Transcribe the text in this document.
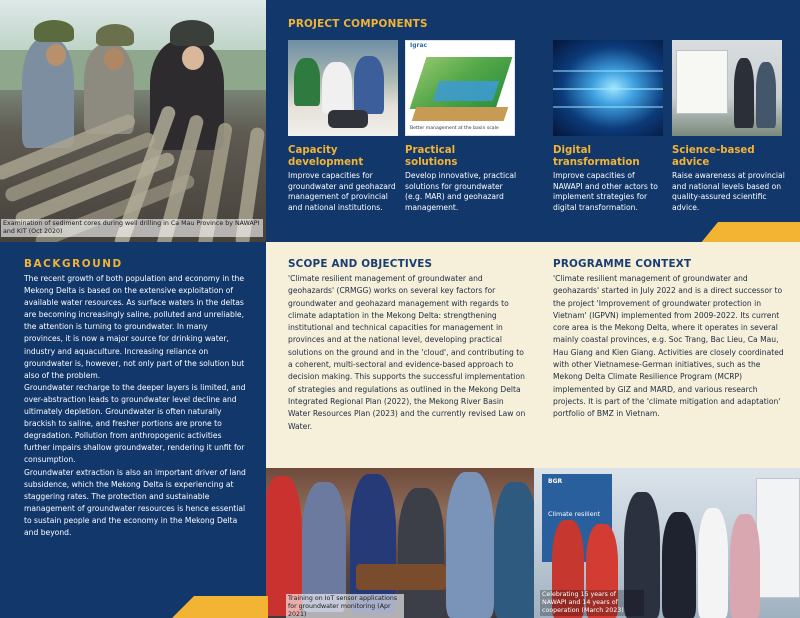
Examination of sediment cores during well drilling in Ca Mau Province by NAWAPI and KIT (Oct 2020)
PROJECT COMPONENTS
Igrac
Better management at the basin scale
Capacity
development
Improve capacities for groundwater and geohazard management of provincial and national institutions.
Practical
solutions
Develop innovative, practical solutions for groundwater (e.g. MAR) and geohazard management.
Digital
transformation
Improve capacities of NAWAPI and other actors to implement strategies for digital transformation.
Science-based
advice
Raise awareness at provincial and national levels based on quality-assured scientific advice.
BACKGROUND

The recent growth of both population and economy in the Mekong Delta is based on the extensive exploitation of available water resources. As surface waters in the deltas are becoming increasingly saline, polluted and unreliable, the attention is turning to groundwater. In many provinces, it is now a major source for drinking water, industry and aquaculture. Increasing reliance on groundwater is, however, not only part of the solution but also of the problem.

Groundwater recharge to the deeper layers is limited, and over-abstraction leads to groundwater level decline and ultimately depletion. Groundwater is often naturally brackish to saline, and fresher portions are prone to degradation. Pollution from anthropogenic activities further impairs shallow groundwater, rendering it unfit for consumption.

Groundwater extraction is also an important driver of land subsidence, which the Mekong Delta is experiencing at staggering rates. The protection and sustainable management of groundwater resources is hence essential to sustain people and the economy in the Mekong Delta and beyond.

SCOPE AND OBJECTIVES
'Climate resilient management of groundwater and geohazards' (CRMGG) works on several key factors for groundwater and geohazard management with regards to climate adaptation in the Mekong Delta: strengthening institutional and technical capacities for management in provinces and at the national level, developing practical solutions on the ground and in the 'cloud', and contributing to a coherent, multi-sectoral and evidence-based approach to decision making. This supports the successful implementation of strategies and regulations as outlined in the Mekong Delta Integrated Regional Plan (2022), the Mekong River Basin Water Resources Plan (2023) and the currently revised Law on Water.
PROGRAMME CONTEXT
'Climate resilient management of groundwater and geohazards' started in July 2022 and is a direct successor to the project 'Improvement of groundwater protection in Vietnam' (IGPVN) implemented from 2009-2022. Its current core area is the Mekong Delta, where it operates in several mainly coastal provinces, e.g. Soc Trang, Bac Lieu, Ca Mau, Hau Giang and Kien Giang. Activities are closely coordinated with other Vietnamese-German initiatives, such as the Mekong Delta Climate Resilience Program (MCRP) implemented by GIZ and MARD, and various research projects. It is part of the 'climate mitigation and adaptation' portfolio of BMZ in Vietnam.
Training on IoT sensor applications for groundwater monitoring (Apr 2021)
BGR
Climate resilient
Celebrating 15 years of NAWAPI and 14 years of cooperation (March 2023)
